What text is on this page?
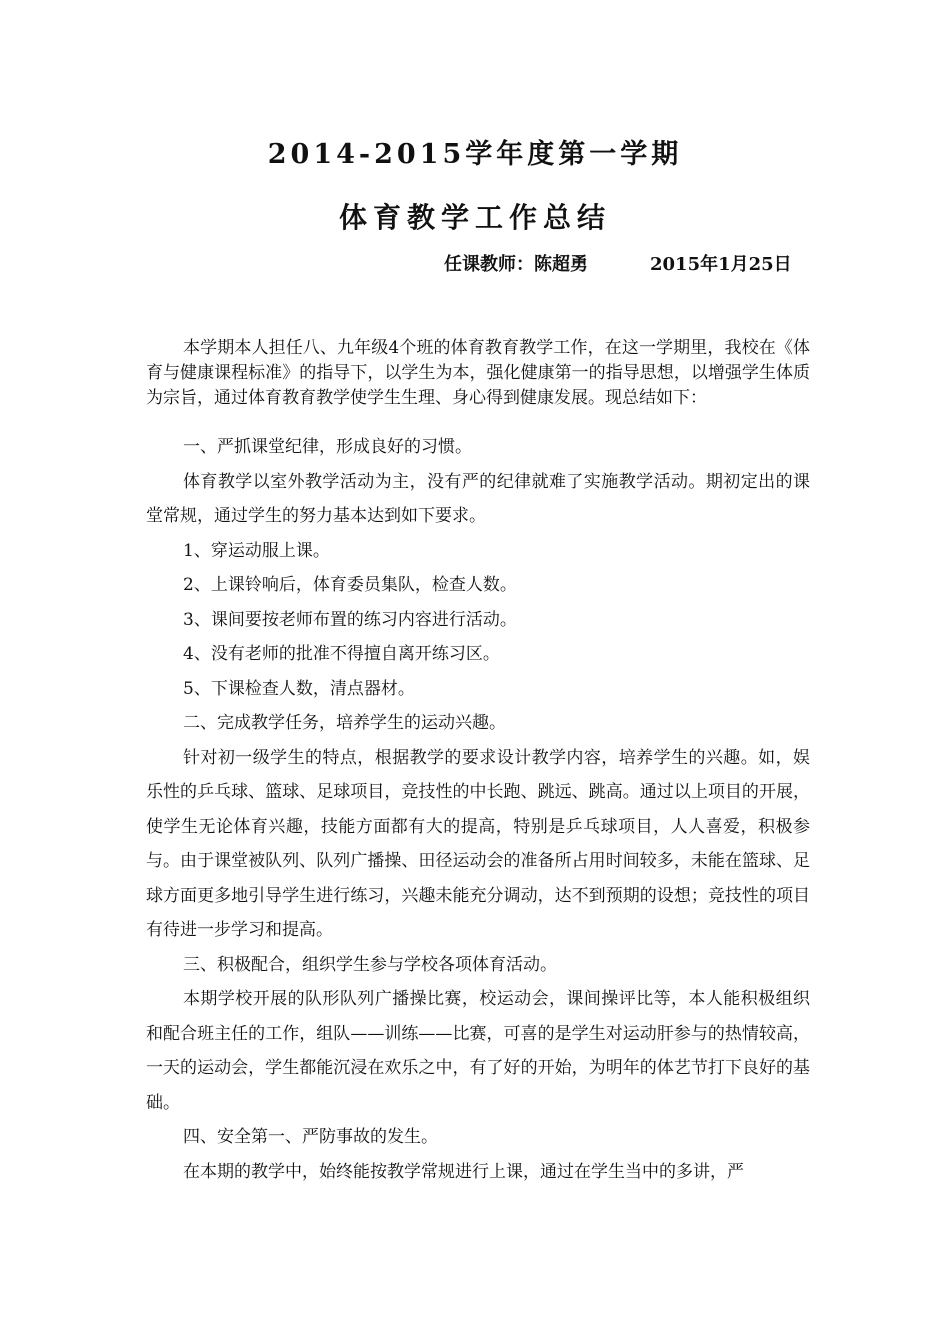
2014-2015学年度第一学期
体育教学工作总结
任课教师：陈超勇	2015年1月25日

本学期本人担任八、九年级4个班的体育教育教学工作，在这一学期里，我校在《体育与健康课程标准》的指导下，以学生为本，强化健康第一的指导思想，以增强学生体质为宗旨，通过体育教育教学使学生生理、身心得到健康发展。现总结如下：

一、严抓课堂纪律，形成良好的习惯。

体育教学以室外教学活动为主，没有严的纪律就难了实施教学活动。期初定出的课堂常规，通过学生的努力基本达到如下要求。

1、穿运动服上课。

2、上课铃响后，体育委员集队，检查人数。

3、课间要按老师布置的练习内容进行活动。

4、没有老师的批准不得擅自离开练习区。

5、下课检查人数，清点器材。

二、完成教学任务，培养学生的运动兴趣。

针对初一级学生的特点，根据教学的要求设计教学内容，培养学生的兴趣。如，娱乐性的乒乓球、篮球、足球项目，竞技性的中长跑、跳远、跳高。通过以上项目的开展，使学生无论体育兴趣，技能方面都有大的提高，特别是乒乓球项目，人人喜爱，积极参与。由于课堂被队列、队列广播操、田径运动会的准备所占用时间较多，未能在篮球、足球方面更多地引导学生进行练习，兴趣未能充分调动，达不到预期的设想；竞技性的项目有待进一步学习和提高。

三、积极配合，组织学生参与学校各项体育活动。

本期学校开展的队形队列广播操比赛，校运动会，课间操评比等，本人能积极组织和配合班主任的工作，组队——训练——比赛，可喜的是学生对运动肝参与的热情较高，一天的运动会，学生都能沉浸在欢乐之中，有了好的开始，为明年的体艺节打下良好的基础。

四、安全第一、严防事故的发生。

在本期的教学中，始终能按教学常规进行上课，通过在学生当中的多讲，严
